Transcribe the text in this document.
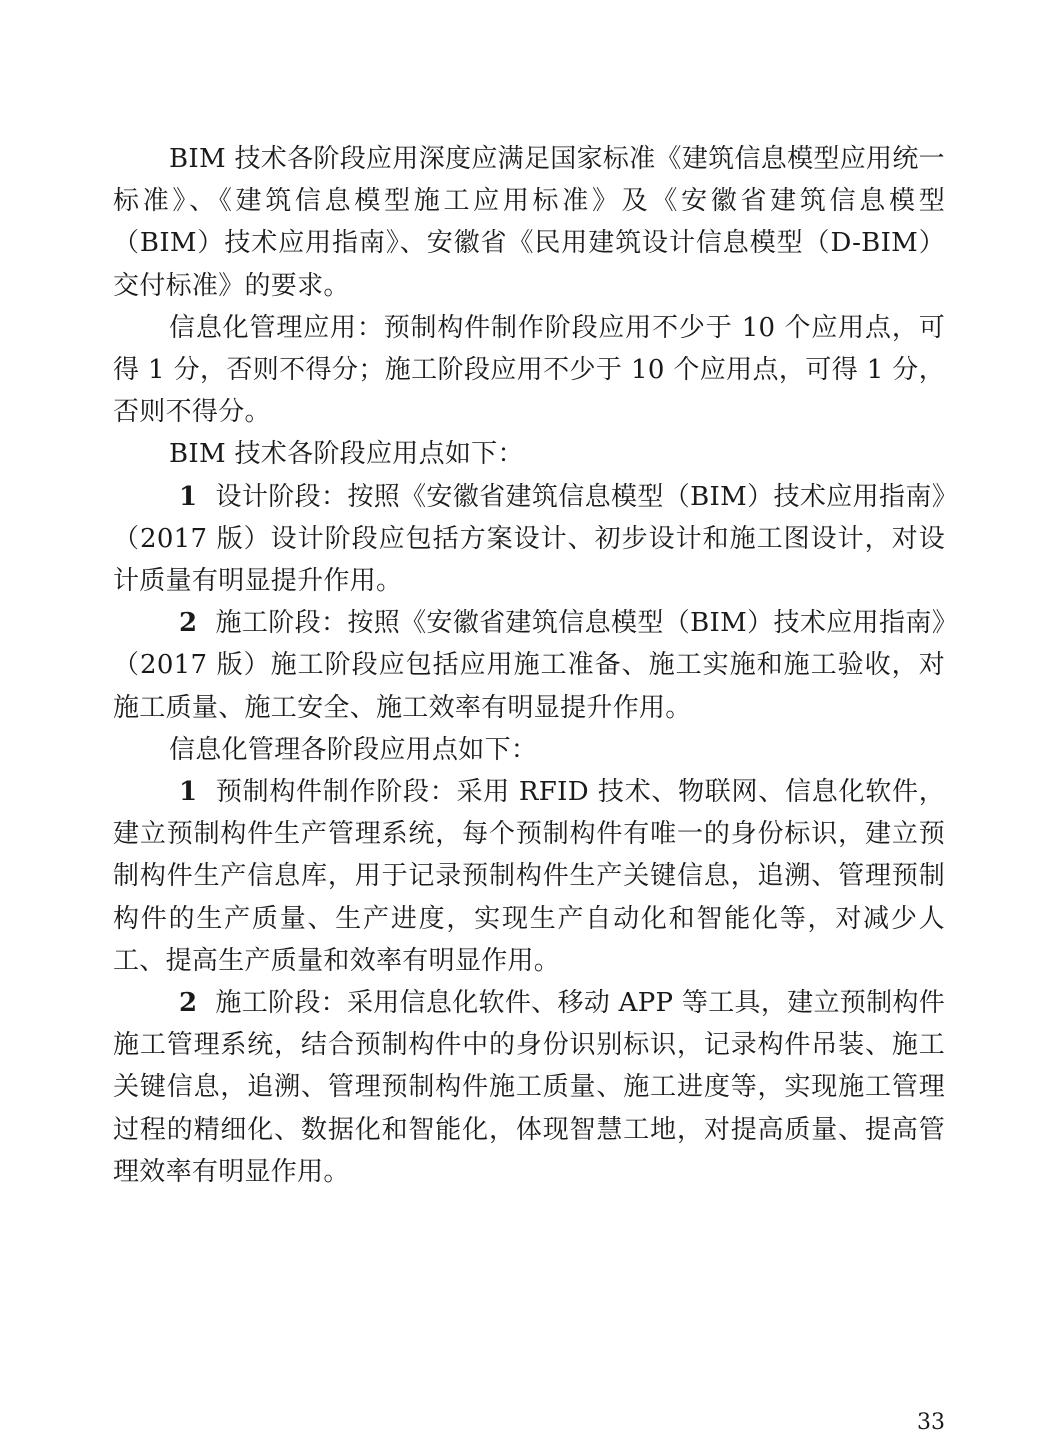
BIM 技术各阶段应用深度应满足国家标准《建筑信息模型应用统一标准》、《建筑信息模型施工应用标准》及《安徽省建筑信息模型（BIM）技术应用指南》、安徽省《民用建筑设计信息模型（D-BIM）交付标准》的要求。

信息化管理应用：预制构件制作阶段应用不少于 10 个应用点，可得 1 分，否则不得分；施工阶段应用不少于 10 个应用点，可得 1 分，否则不得分。

BIM 技术各阶段应用点如下：

1 设计阶段：按照《安徽省建筑信息模型（BIM）技术应用指南》（2017 版）设计阶段应包括方案设计、初步设计和施工图设计，对设计质量有明显提升作用。

2 施工阶段：按照《安徽省建筑信息模型（BIM）技术应用指南》（2017 版）施工阶段应包括应用施工准备、施工实施和施工验收，对施工质量、施工安全、施工效率有明显提升作用。

信息化管理各阶段应用点如下：

1 预制构件制作阶段：采用 RFID 技术、物联网、信息化软件，建立预制构件生产管理系统，每个预制构件有唯一的身份标识，建立预制构件生产信息库，用于记录预制构件生产关键信息，追溯、管理预制构件的生产质量、生产进度，实现生产自动化和智能化等，对减少人工、提高生产质量和效率有明显作用。

2 施工阶段：采用信息化软件、移动 APP 等工具，建立预制构件施工管理系统，结合预制构件中的身份识别标识，记录构件吊装、施工关键信息，追溯、管理预制构件施工质量、施工进度等，实现施工管理过程的精细化、数据化和智能化，体现智慧工地，对提高质量、提高管理效率有明显作用。

33
